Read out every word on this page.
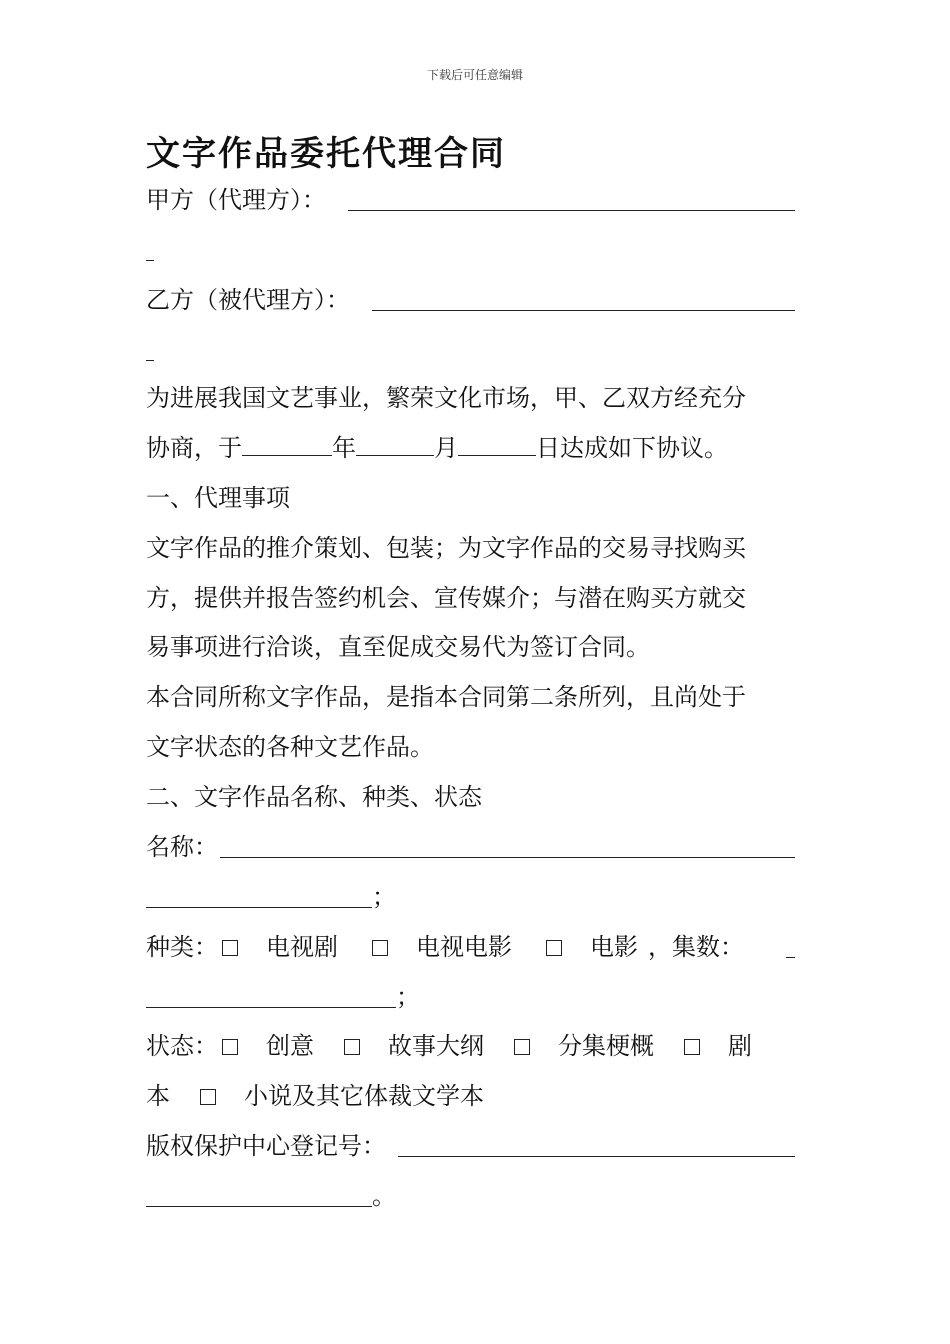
下载后可任意编辑
文字作品委托代理合同
甲方（代理方）：
乙方（被代理方）：
为进展我国文艺事业，繁荣文化市场，甲、乙双方经充分
协商，于	年	月	日达成如下协议。
一、代理事项
文字作品的推介策划、包装；为文字作品的交易寻找购买
方，提供并报告签约机会、宣传媒介；与潜在购买方就交
易事项进行洽谈，直至促成交易代为签订合同。
本合同所称文字作品，是指本合同第二条所列，且尚处于
文字状态的各种文艺作品。
二、文字作品名称、种类、状态
名称：
；
种类： 电视剧	电视电影	电影 ，集数：
；
状态： 创意	故事大纲	分集梗概	剧
本	小说及其它体裁文学本
版权保护中心登记号：
。
